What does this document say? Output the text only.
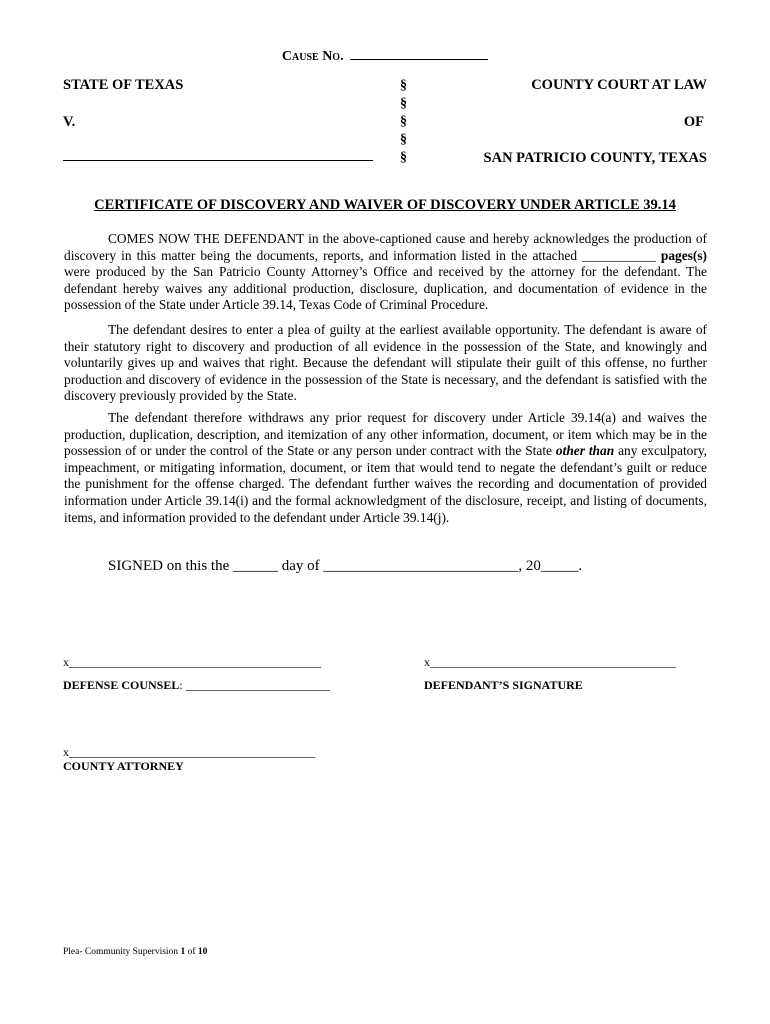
Cause No.
STATE OF TEXAS
V.
§
§
§
§
§
COUNTY COURT AT LAW
OF
SAN PATRICIO COUNTY, TEXAS
CERTIFICATE OF DISCOVERY AND WAIVER OF DISCOVERY UNDER ARTICLE 39.14
COMES NOW THE DEFENDANT in the above-captioned cause and hereby acknowledges the production of discovery in this matter being the documents, reports, and information listed in the attached ___________ pages(s) were produced by the San Patricio County Attorney’s Office and received by the attorney for the defendant. The defendant hereby waives any additional production, disclosure, duplication, and documentation of evidence in the possession of the State under Article 39.14, Texas Code of Criminal Procedure.
The defendant desires to enter a plea of guilty at the earliest available opportunity. The defendant is aware of their statutory right to discovery and production of all evidence in the possession of the State, and knowingly and voluntarily gives up and waives that right. Because the defendant will stipulate their guilt of this offense, no further production and discovery of evidence in the possession of the State is necessary, and the defendant is satisfied with the discovery previously provided by the State.
The defendant therefore withdraws any prior request for discovery under Article 39.14(a) and waives the production, duplication, description, and itemization of any other information, document, or item which may be in the possession of or under the control of the State or any person under contract with the State other than any exculpatory, impeachment, or mitigating information, document, or item that would tend to negate the defendant’s guilt or reduce the punishment for the offense charged. The defendant further waives the recording and documentation of provided information under Article 39.14(i) and the formal acknowledgment of the disclosure, receipt, and listing of documents, items, and information provided to the defendant under Article 39.14(j).
SIGNED on this the ______ day of __________________________, 20_____.
x__________________________________________	x_________________________________________
DEFENSE COUNSEL: ________________________	DEFENDANT’S SIGNATURE
x_________________________________________
COUNTY ATTORNEY
Plea- Community Supervision 1 of 10
